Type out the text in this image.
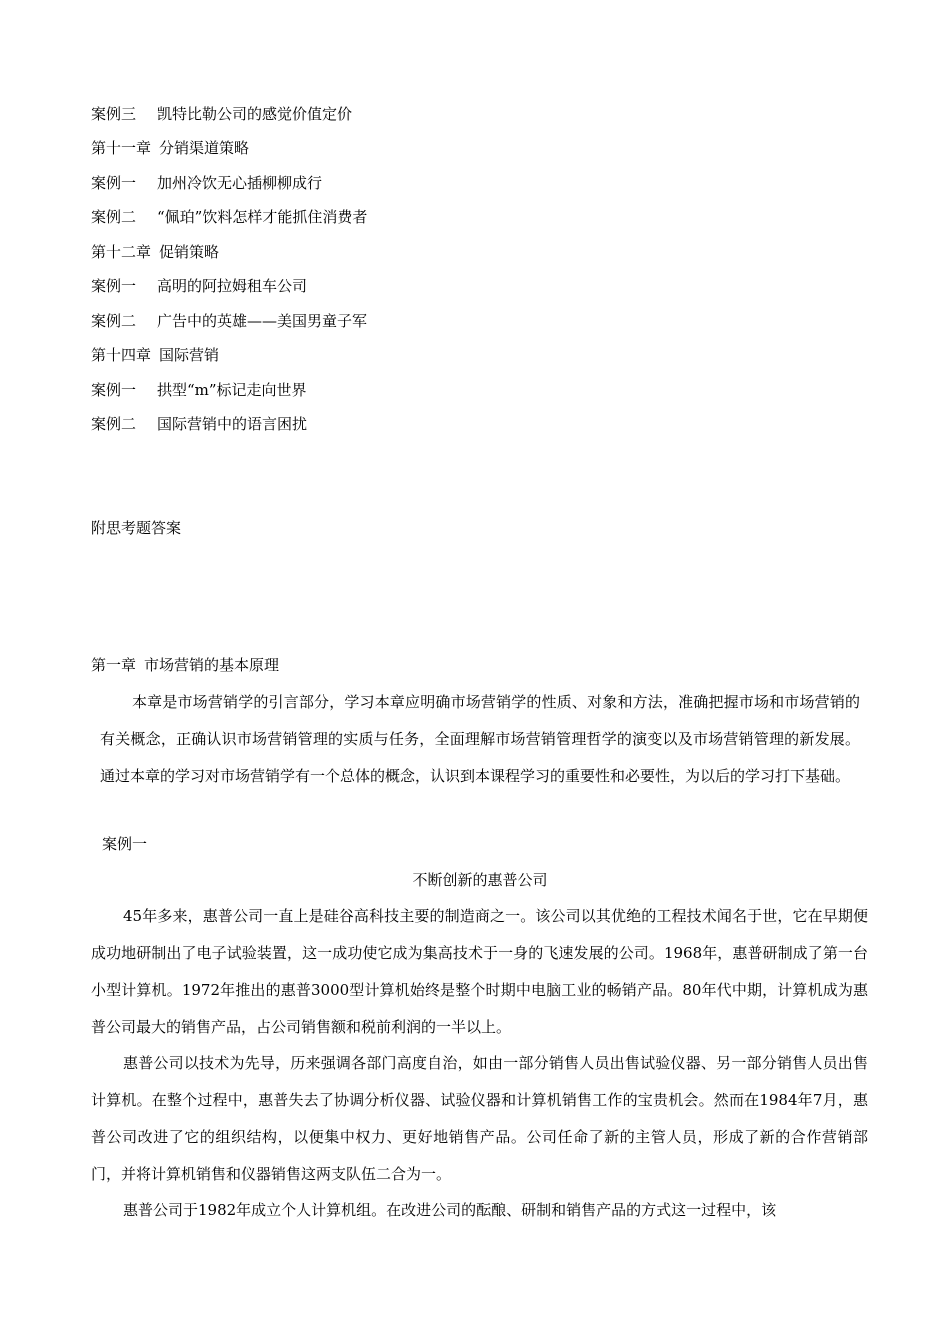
案例三 凯特比勒公司的感觉价值定价
第十一章 分销渠道策略
案例一 加州冷饮无心插柳柳成行
案例二 “佩珀”饮料怎样才能抓住消费者
第十二章 促销策略
案例一 高明的阿拉姆租车公司
案例二 广告中的英雄——美国男童子军
第十四章 国际营销
案例一 拱型“m”标记走向世界
案例二 国际营销中的语言困扰
附思考题答案
第一章 市场营销的基本原理
本章是市场营销学的引言部分，学习本章应明确市场营销学的性质、对象和方法，准确把握市场和市场营销的有关概念，正确认识市场营销管理的实质与任务，全面理解市场营销管理哲学的演变以及市场营销管理的新发展。通过本章的学习对市场营销学有一个总体的概念，认识到本课程学习的重要性和必要性，为以后的学习打下基础。
案例一
不断创新的惠普公司
45年多来，惠普公司一直上是硅谷高科技主要的制造商之一。该公司以其优绝的工程技术闻名于世，它在早期便成功地研制出了电子试验装置，这一成功使它成为集高技术于一身的飞速发展的公司。1968年，惠普研制成了第一台小型计算机。1972年推出的惠普3000型计算机始终是整个时期中电脑工业的畅销产品。80年代中期，计算机成为惠普公司最大的销售产品，占公司销售额和税前利润的一半以上。
惠普公司以技术为先导，历来强调各部门高度自治，如由一部分销售人员出售试验仪器、另一部分销售人员出售计算机。在整个过程中，惠普失去了协调分析仪器、试验仪器和计算机销售工作的宝贵机会。然而在1984年7月，惠普公司改进了它的组织结构，以便集中权力、更好地销售产品。公司任命了新的主管人员，形成了新的合作营销部门，并将计算机销售和仪器销售这两支队伍二合为一。
惠普公司于1982年成立个人计算机组。在改进公司的酝酿、研制和销售产品的方式这一过程中，该
